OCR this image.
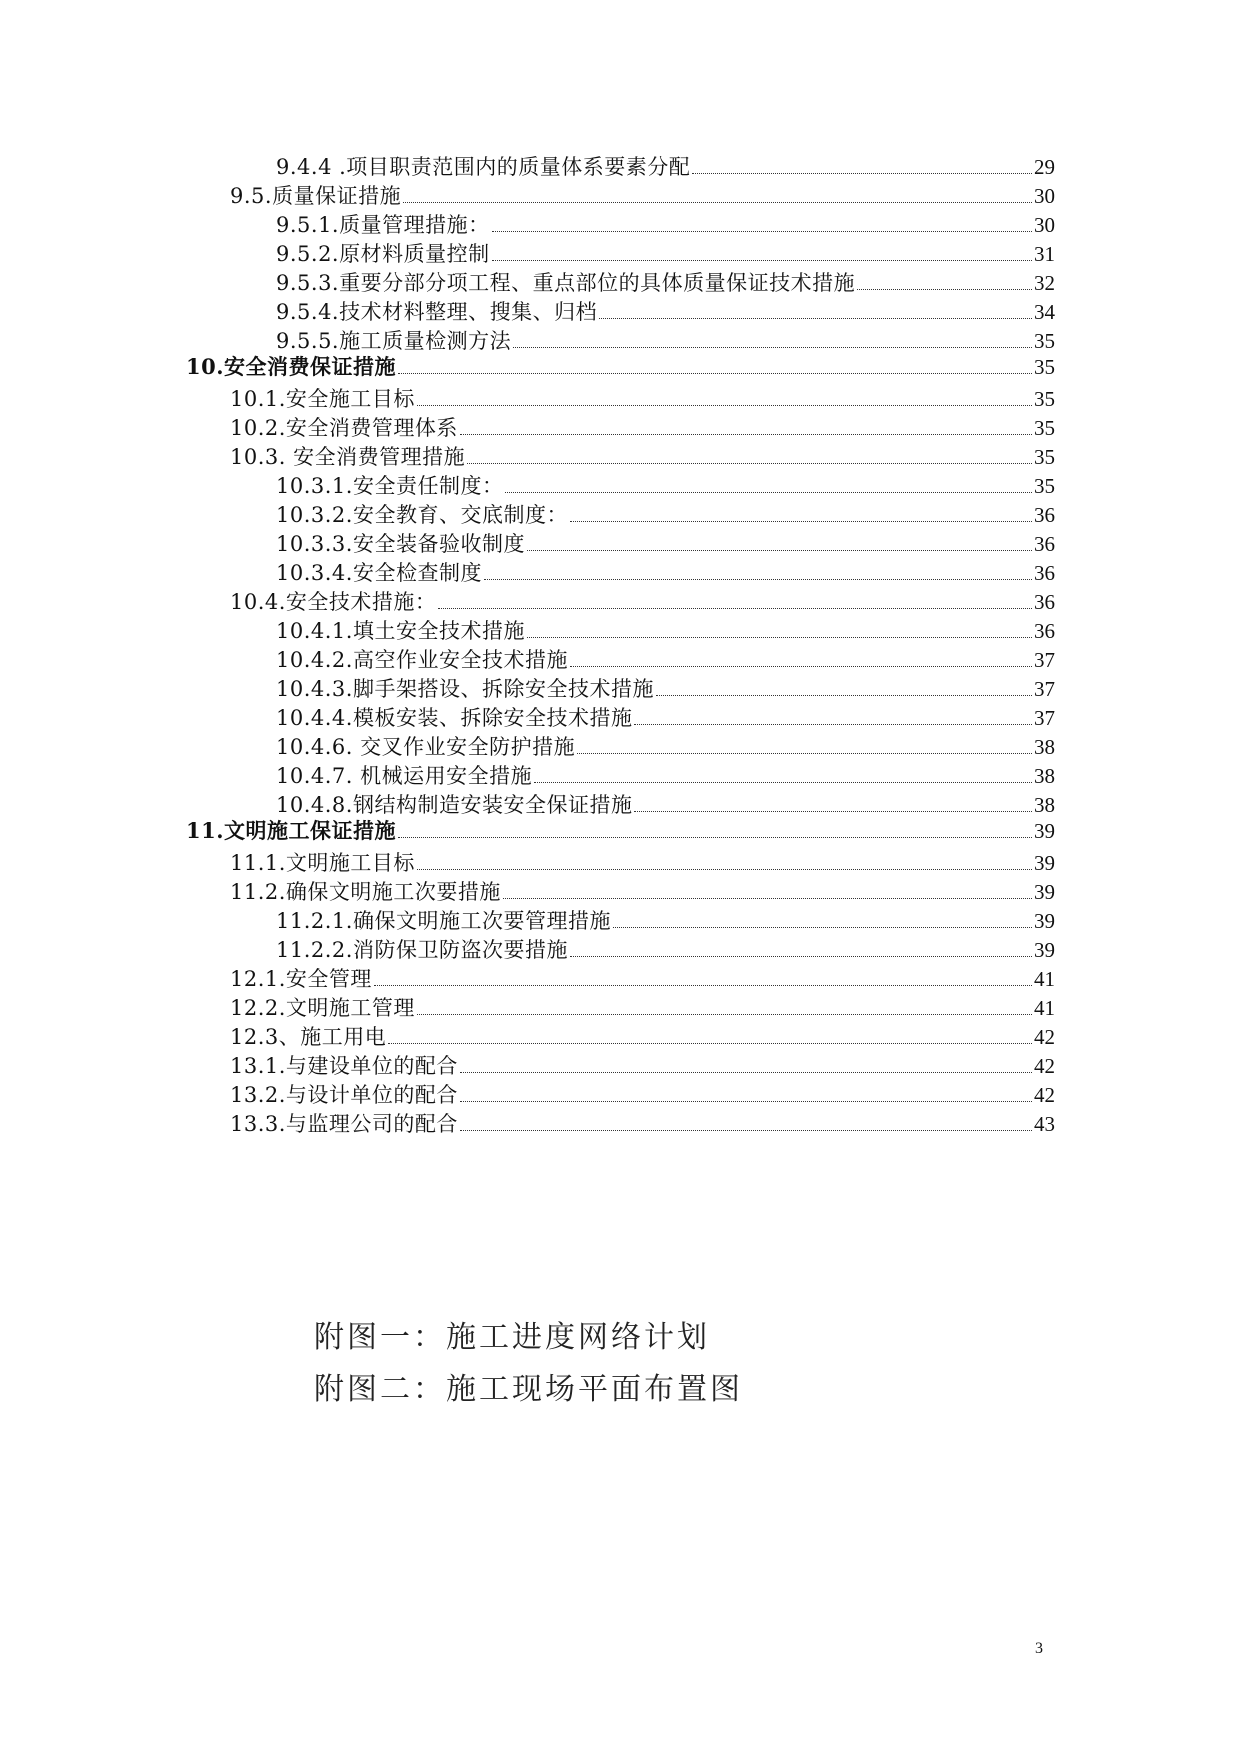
9.4.4 .项目职责范围内的质量体系要素分配	29
9.5.质量保证措施	30
9.5.1.质量管理措施：	30
9.5.2.原材料质量控制	31
9.5.3.重要分部分项工程、重点部位的具体质量保证技术措施	32
9.5.4.技术材料整理、搜集、归档	34
9.5.5.施工质量检测方法	35
10.安全消费保证措施	35
10.1.安全施工目标	35
10.2.安全消费管理体系	35
10.3. 安全消费管理措施	35
10.3.1.安全责任制度：	35
10.3.2.安全教育、交底制度：	36
10.3.3.安全装备验收制度	36
10.3.4.安全检查制度	36
10.4.安全技术措施：	36
10.4.1.填土安全技术措施	36
10.4.2.高空作业安全技术措施	37
10.4.3.脚手架搭设、拆除安全技术措施	37
10.4.4.模板安装、拆除安全技术措施	37
10.4.6. 交叉作业安全防护措施	38
10.4.7. 机械运用安全措施	38
10.4.8.钢结构制造安装安全保证措施	38
11.文明施工保证措施	39
11.1.文明施工目标	39
11.2.确保文明施工次要措施	39
11.2.1.确保文明施工次要管理措施	39
11.2.2.消防保卫防盗次要措施	39
12.1.安全管理	41
12.2.文明施工管理	41
12.3、施工用电	42
13.1.与建设单位的配合	42
13.2.与设计单位的配合	42
13.3.与监理公司的配合	43
附图一：施工进度网络计划
附图二：施工现场平面布置图
3
